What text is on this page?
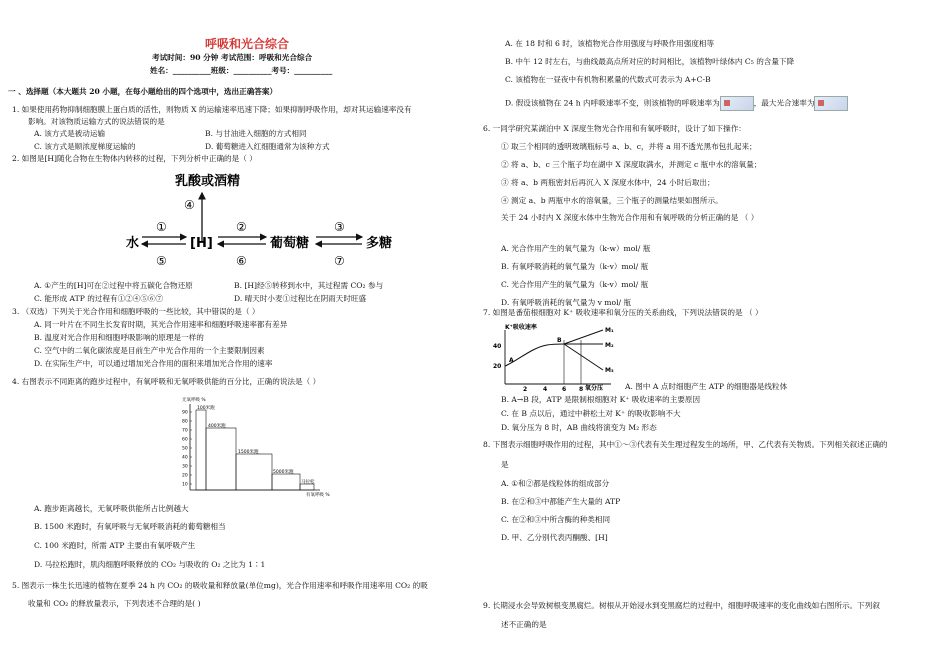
呼吸和光合综合
考试时间：90 分钟 考试范围：呼吸和光合综合
姓名：__________班级：__________考号：__________
一 、选择题（本大题共 20 小题，在每小题给出的四个选项中，选出正确答案）
1. 如果使用药物抑制细胞膜上蛋白质的活性，则物质 X 的运输速率迅速下降；如果抑制呼吸作用，却对其运输速率没有
影响。对该物质运输方式的说法错误的是
A. 该方式是被动运输	B. 与甘油进入细胞的方式相同
C. 该方式是顺浓度梯度运输的	D. 葡萄糖进入红细胞通常为该种方式
2. 如图是[H]随化合物在生物体内转移的过程，下列分析中正确的是（ ）
乳酸或酒精
水	[H]	葡萄糖	多糖
④
①	②	③
⑤	⑥	⑦
A. ①产生的[H]可在②过程中将五碳化合物还原	B. [H]经⑤转移到水中，其过程需 CO₂ 参与
C. 能形成 ATP 的过程有①②④⑤⑥⑦	D. 晴天时小麦①过程比在阴雨天时旺盛
3. （双选）下列关于光合作用和细胞呼吸的一些比较，其中错误的是（ ）
A. 同一叶片在不同生长发育时期，其光合作用速率和细胞呼吸速率都有差异
B. 温度对光合作用和细胞呼吸影响的原理是一样的
C. 空气中的二氧化碳浓度是目前生产中光合作用的一个主要限制因素
D. 在实际生产中，可以通过增加光合作用的面积来增加光合作用的速率
4. 右图表示不同距离的跑步过程中，有氧呼吸和无氧呼吸供能的百分比，正确的说法是（ ）
无氧呼吸 %
有氧呼吸 %
90
80
70
60
50
40
30
20
10
100米跑
400米跑
1500米跑
5000米跑
马拉松
A. 跑步距离越长，无氧呼吸供能所占比例越大
B. 1500 米跑时，有氧呼吸与无氧呼吸消耗的葡萄糖相当
C. 100 米跑时，所需 ATP 主要由有氧呼吸产生
D. 马拉松跑时，肌肉细胞呼吸释放的 CO₂ 与吸收的 O₂ 之比为 1∶1
5. 图表示一株生长迅速的植物在夏季 24 h 内 CO₂ 的吸收量和释放量(单位mg)，光合作用速率和呼吸作用速率用 CO₂ 的吸
收量和 CO₂ 的释放量表示，下列表述不合理的是( )
A. 在 18 时和 6 时，该植物光合作用强度与呼吸作用强度相等
B. 中午 12 时左右，与曲线最高点所对应的时间相比，该植物叶绿体内 C₅ 的含量下降
C. 该植物在一昼夜中有机物积累量的代数式可表示为 A+C-B
D. 假设该植物在 24 h 内呼吸速率不变，则该植物的呼吸速率为	，最大光合速率为
6. 一同学研究某湖泊中 X 深度生物光合作用和有氧呼吸时，设计了如下操作：
① 取三个相同的透明玻璃瓶标号 a、b、c，并将 a 用不透光黑布包扎起来；
② 将 a、b、c 三个瓶子均在湖中 X 深度取满水，并测定 c 瓶中水的溶氧量；
③ 将 a、b 两瓶密封后再沉入 X 深度水体中，24 小时后取出；
④ 测定 a、b 两瓶中水的溶氧量，三个瓶子的测量结果如图所示。
关于 24 小时内 X 深度水体中生物光合作用和有氧呼吸的分析正确的是 （ ）
A. 光合作用产生的氧气量为（k-w）mol/ 瓶
B. 有氧呼吸消耗的氧气量为（k-v）mol/ 瓶
C. 光合作用产生的氧气量为（k-v）mol/ 瓶
D. 有氧呼吸消耗的氧气量为 v mol/ 瓶
7. 如图是番茄根细胞对 K⁺ 吸收速率和氧分压的关系曲线，下列说法错误的是 （ ）
K⁺吸收速率
40
20
2	4 6 8 氧分压
A
B
M₁
M₂
M₃
A. 图中 A 点时细胞产生 ATP 的细胞器是线粒体
B. A→B 段，ATP 是限制根细胞对 K⁺ 吸收速率的主要原因
C. 在 B 点以后，通过中耕松土对 K⁺ 的吸收影响不大
D. 氧分压为 8 时，AB 曲线将演变为 M₂ 形态
8. 下图表示细胞呼吸作用的过程，其中①～③代表有关生理过程发生的场所，甲、乙代表有关物质。下列相关叙述正确的
是
A. ①和②都是线粒体的组成部分
B. 在②和③中都能产生大量的 ATP
C. 在②和③中所含酶的种类相同
D. 甲、乙分别代表丙酮酸、[H]
9. 长期浸水会导致树根变黑腐烂。树根从开始浸水到变黑腐烂的过程中，细胞呼吸速率的变化曲线如右图所示。下列叙
述不正确的是
